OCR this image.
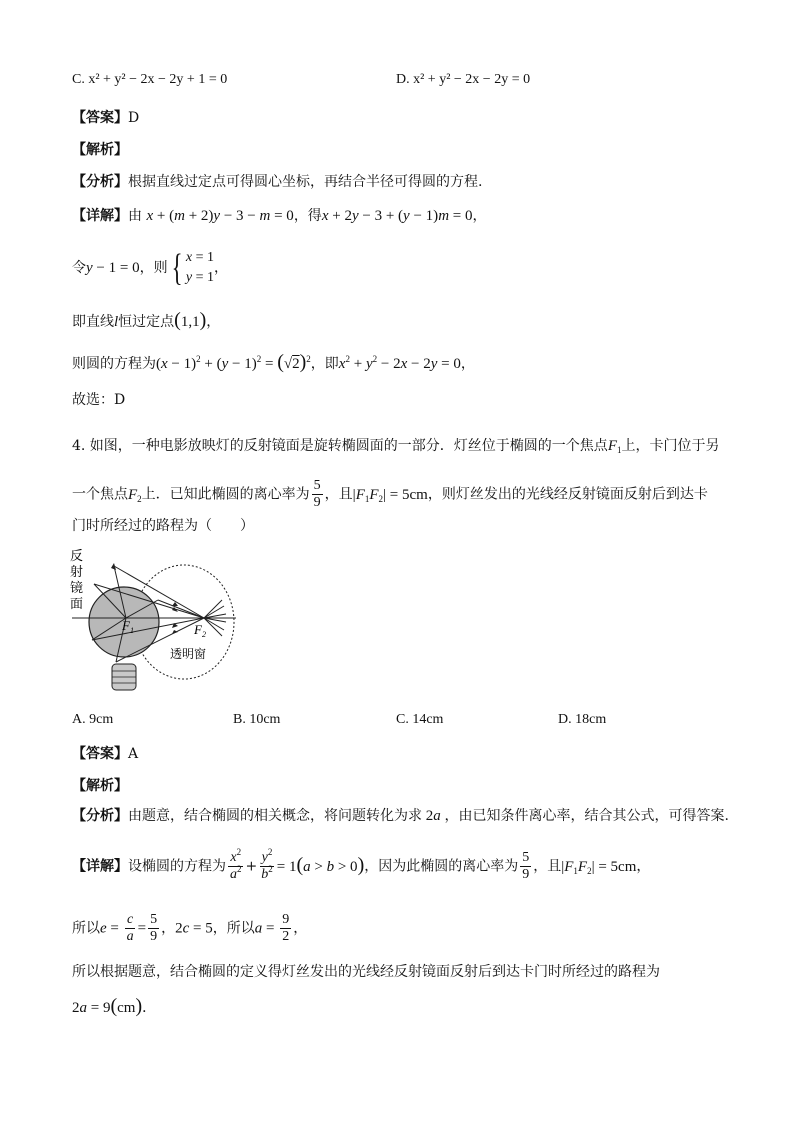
C. x² + y² − 2x − 2y + 1 = 0	D. x² + y² − 2x − 2y = 0
【答案】D
【解析】
【分析】根据直线过定点可得圆心坐标，再结合半径可得圆的方程.
【详解】由 x + (m + 2)y − 3 − m = 0，得x + 2y − 3 + (y − 1)m = 0，
令y − 1 = 0，则{ x = 1
y = 1
，
即直线l恒过定点(1,1)，
则圆的方程为$(x - 1)^2 + (y - 1)^2 = (√2)^2$，即$x^2 + y^2 - 2x - 2y = 0$，
故选：D
4. 如图，一种电影放映灯的反射镜面是旋转椭圆面的一部分．灯丝位于椭圆的一个焦点$F_1$上，卡门位于另
一个焦点$F_2$上．已知此椭圆的离心率为 $\frac{5}{9}$ ，且$|F_1F_2| = 5cm$，则灯丝发出的光线经反射镜面反射后到达卡
门时所经过的路程为（　　）
反
射
镜
面
$F_1$	$F_2$
透明窗
A. 9cm	B. 10cm	C. 14cm	D. 18cm
【答案】A
【解析】
【分析】由题意，结合椭圆的相关概念，将问题转化为求 2a ，由已知条件离心率，结合其公式，可得答案.
【详解】设椭圆的方程为 $\frac{x^2}{a^2} + \frac{y^2}{b^2} = 1(a > b > 0)$，因为此椭圆的离心率为 $\frac{5}{9}$ ，且$|F_1F_2| = 5cm$，
所以$e = \frac{c}{a} = \frac{5}{9}$ ，2c = 5，所以$a = \frac{9}{2}$ ，
所以根据题意，结合椭圆的定义得灯丝发出的光线经反射镜面反射后到达卡门时所经过的路程为
2a = 9(cm)．
